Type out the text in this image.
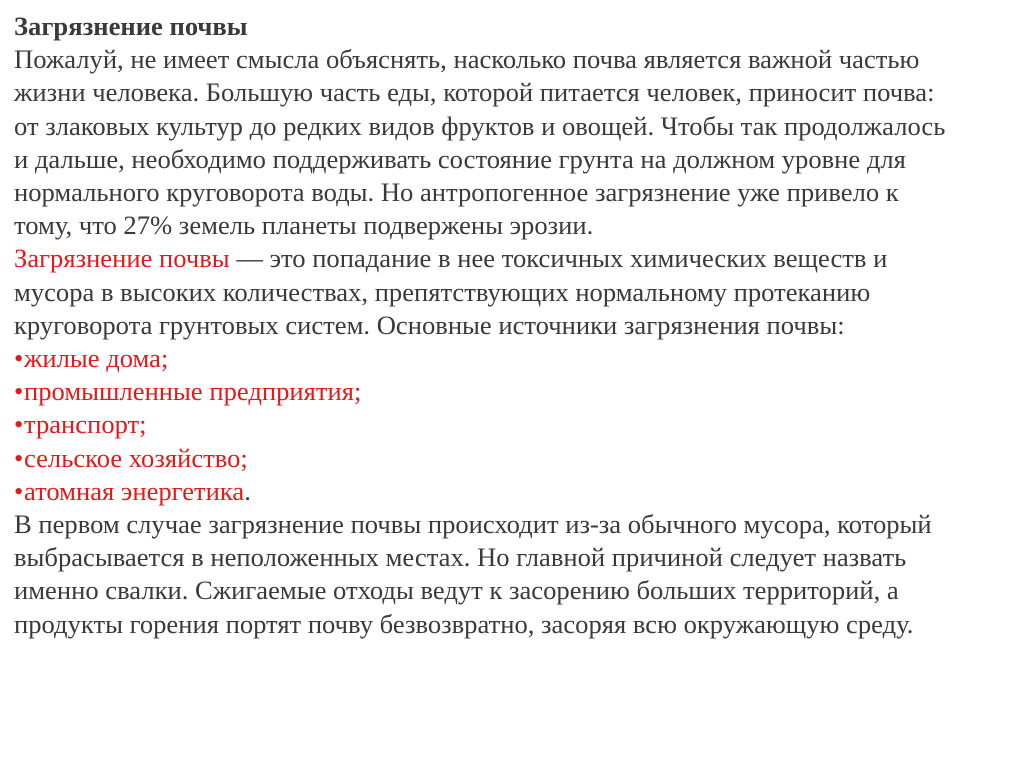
Загрязнение почвы
Пожалуй, не имеет смысла объяснять, насколько почва является важной частью
жизни человека. Большую часть еды, которой питается человек, приносит почва:
от злаковых культур до редких видов фруктов и овощей. Чтобы так продолжалось
и дальше, необходимо поддерживать состояние грунта на должном уровне для
нормального круговорота воды. Но антропогенное загрязнение уже привело к
тому, что 27% земель планеты подвержены эрозии.
Загрязнение почвы — это попадание в нее токсичных химических веществ и
мусора в высоких количествах, препятствующих нормальному протеканию
круговорота грунтовых систем. Основные источники загрязнения почвы:
•жилые дома;
•промышленные предприятия;
•транспорт;
•сельское хозяйство;
•атомная энергетика.
В первом случае загрязнение почвы происходит из-за обычного мусора, который
выбрасывается в неположенных местах. Но главной причиной следует назвать
именно свалки. Сжигаемые отходы ведут к засорению больших территорий, а
продукты горения портят почву безвозвратно, засоряя всю окружающую среду.
